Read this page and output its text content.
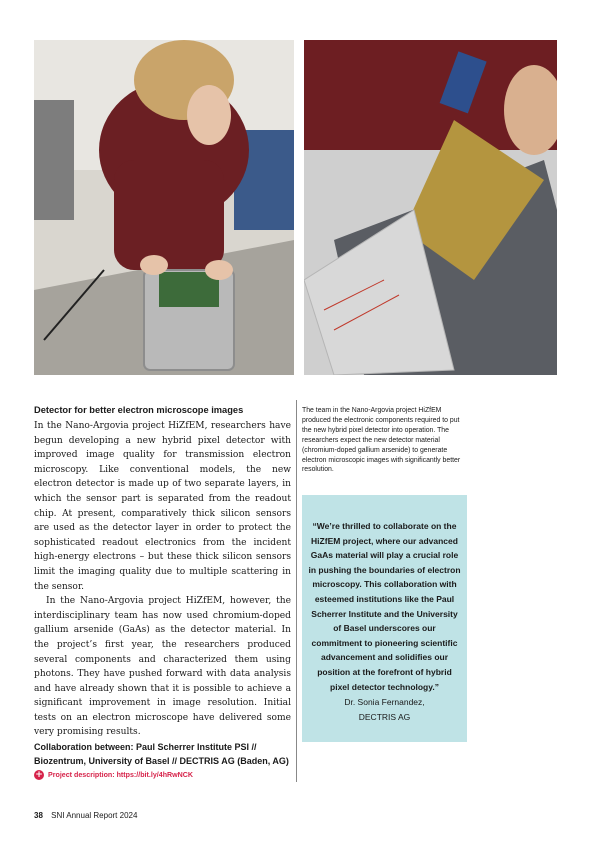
Detector for better electron microscope images

In the Nano-Argovia project HiZfEM, researchers have begun developing a new hybrid pixel detector with improved image quality for transmission electron microscopy. Like conventional models, the new electron detector is made up of two separate layers, in which the sensor part is separated from the readout chip. At present, comparatively thick silicon sensors are used as the detector layer in order to protect the sophisticated readout electronics from the incident high-energy electrons – but these thick silicon sensors limit the imaging quality due to multiple scattering in the sensor.

In the Nano-Argovia project HiZfEM, however, the interdisciplinary team has now used chromium-doped gallium arsenide (GaAs) as the detector material. In the project’s first year, the researchers produced several components and characterized them using photons. They have pushed forward with data analysis and have already shown that it is possible to achieve a significant improvement in image resolution. Initial tests on an electron microscope have delivered some very promising results.

Collaboration between: Paul Scherrer Institute PSI // Biozentrum, University of Basel // DECTRIS AG (Baden, AG)
+ Project description: https://bit.ly/4hRwNCK
The team in the Nano-Argovia project HiZfEM produced the electronic components required to put the new hybrid pixel detector into operation. The researchers expect the new detector material (chromium-doped gallium arsenide) to generate electron microscopic images with significantly better resolution.

“We’re thrilled to collaborate on the HiZfEM project, where our advanced GaAs material will play a crucial role in pushing the boundaries of electron microscopy. This collaboration with esteemed institutions like the Paul Scherrer Institute and the University of Basel underscores our commitment to pioneering scientific advancement and solidifies our position at the forefront of hybrid pixel detector technology.”

Dr. Sonia Fernandez,
DECTRIS AG
38 SNI Annual Report 2024
